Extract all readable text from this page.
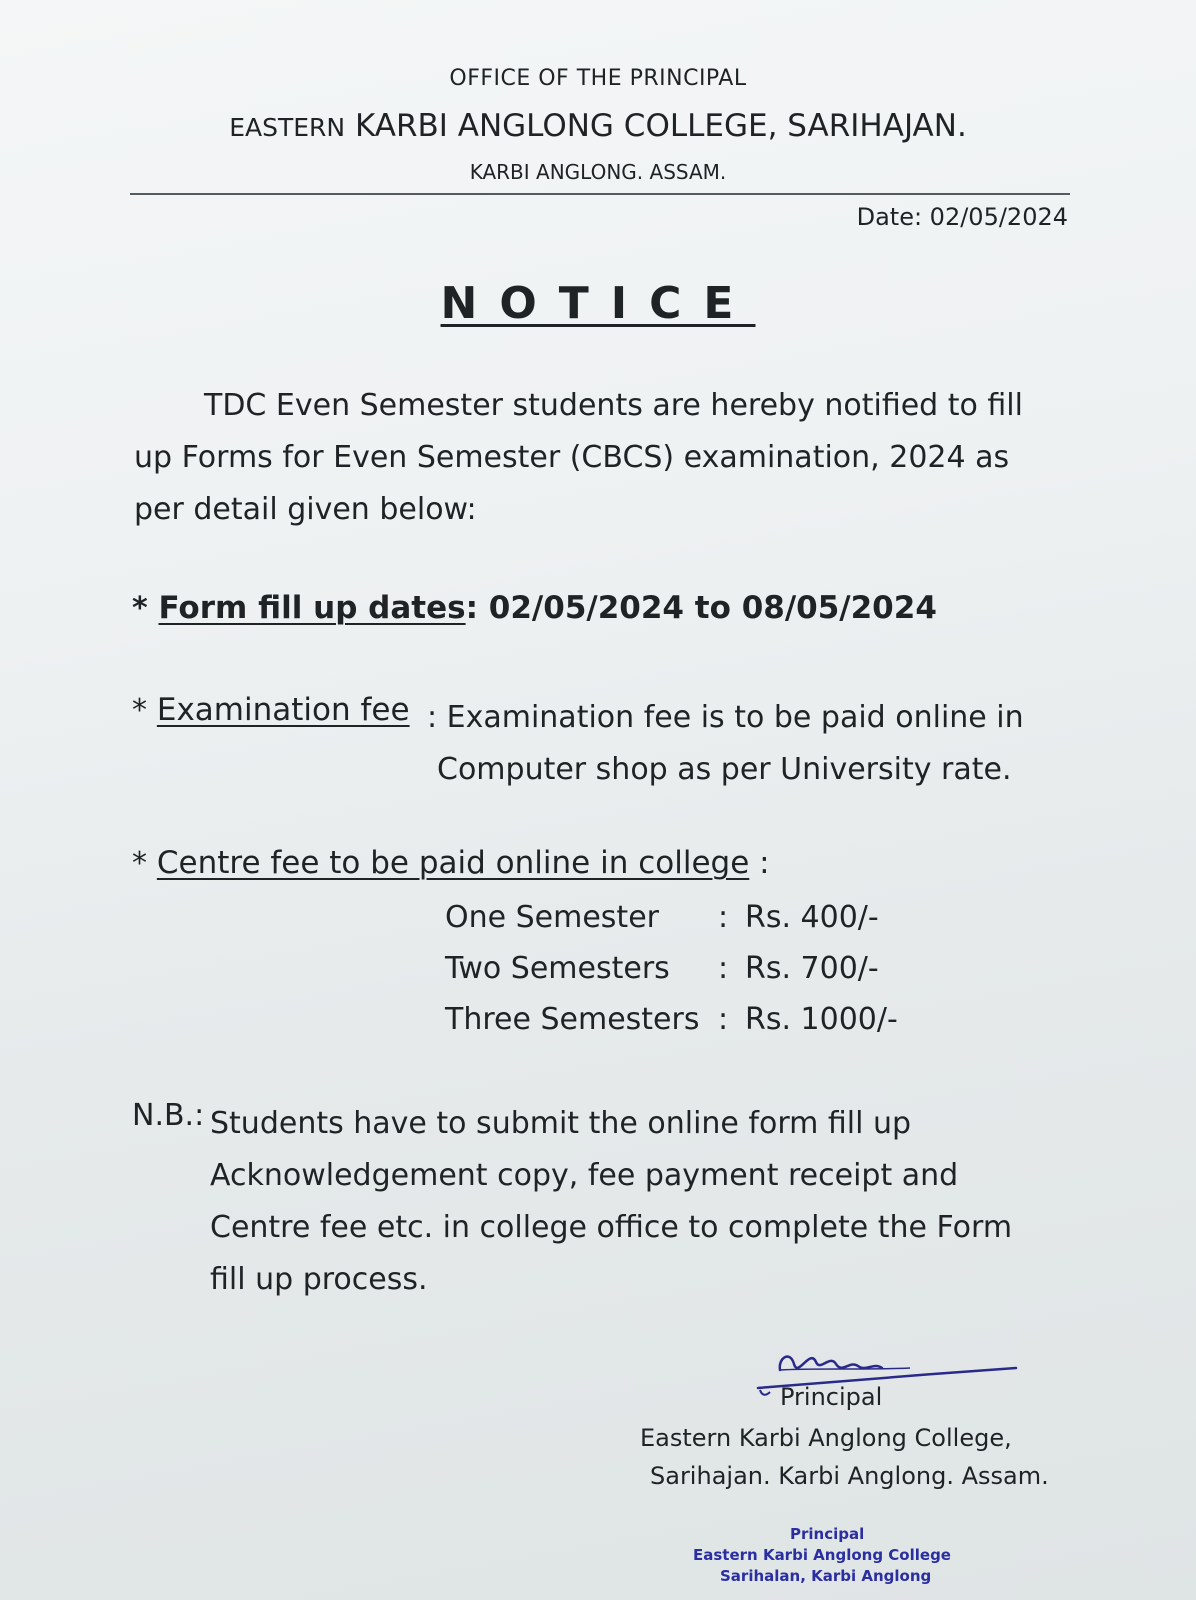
OFFICE OF THE PRINCIPAL
EASTERN KARBI ANGLONG COLLEGE, SARIHAJAN.
KARBI ANGLONG. ASSAM.
Date: 02/05/2024
NOTICE
TDC Even Semester students are hereby notified to fill up Forms for Even Semester (CBCS) examination, 2024 as per detail given below:
* Form fill up dates: 02/05/2024 to 08/05/2024
* Examination fee : Examination fee is to be paid online in
Computer shop as per University rate.
* Centre fee to be paid online in college :
One Semester : Rs. 400/-
Two Semesters : Rs. 700/-
Three Semesters : Rs. 1000/-
N.B.: Students have to submit the online form fill up Acknowledgement copy, fee payment receipt and Centre fee etc. in college office to complete the Form fill up process.
Principal
Eastern Karbi Anglong College,
Sarihajan. Karbi Anglong. Assam.
Principal
Eastern Karbi Anglong College
Sarihalan, Karbi Anglong
